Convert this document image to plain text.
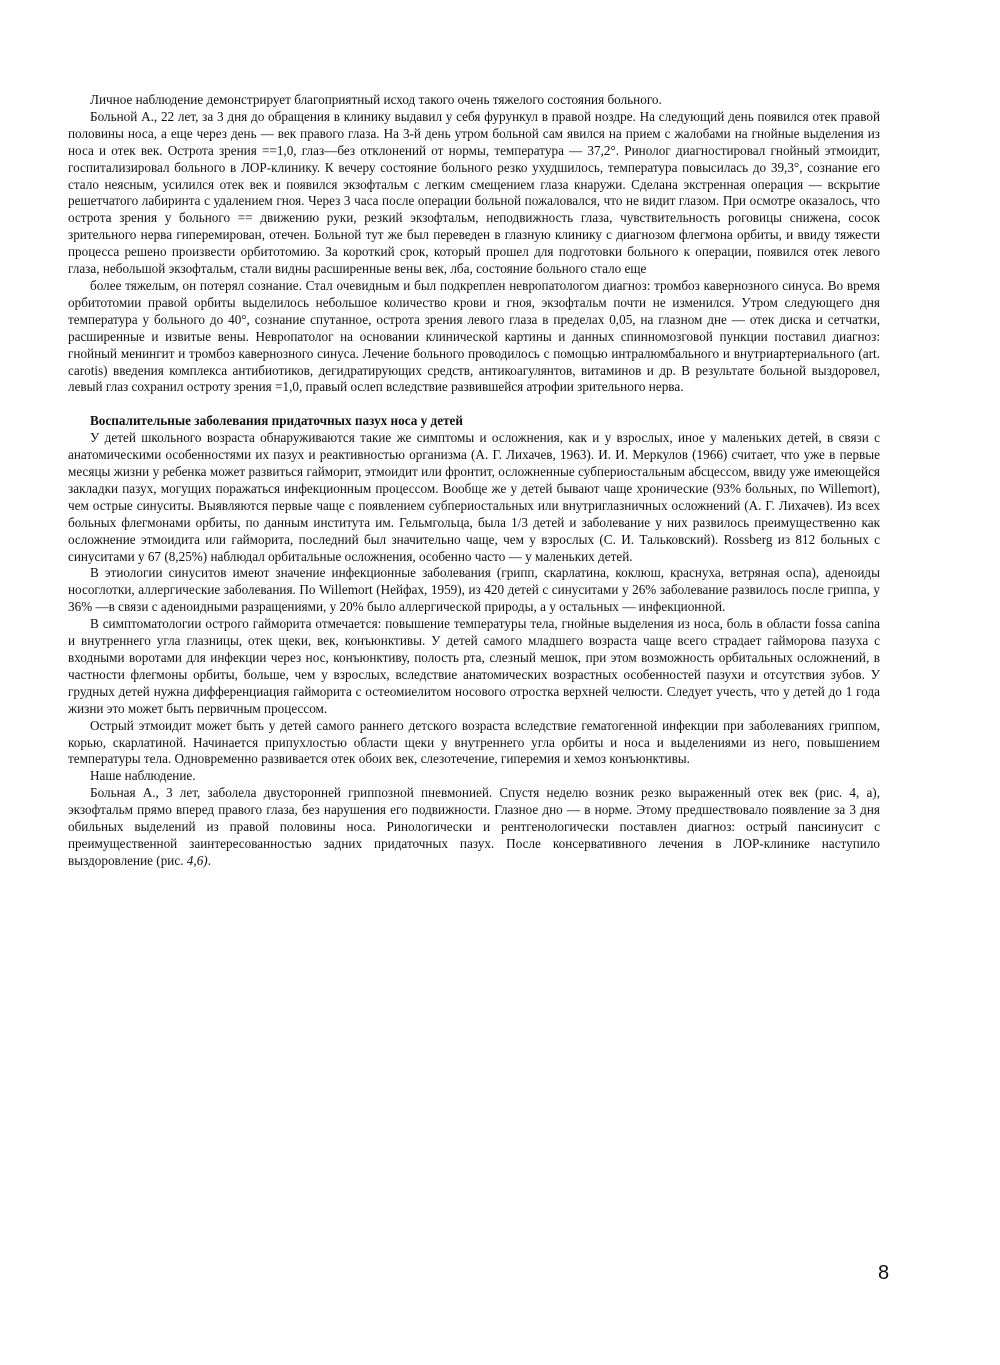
Личное наблюдение демонстрирует благоприятный исход такого очень тяжелого состояния больного.

Больной А., 22 лет, за 3 дня до обращения в клинику выдавил у себя фурункул в правой ноздре. На следующий день появился отек правой половины носа, а еще через день — век правого глаза. На 3-й день утром больной сам явился на прием с жалобами на гнойные выделения из носа и отек век. Острота зрения ==1,0, глаз—без отклонений от нормы, температура — 37,2°. Ринолог диагностировал гнойный этмоидит, госпитализировал больного в ЛОР-клинику. К вечеру состояние больного резко ухудшилось, температура повысилась до 39,3°, сознание его стало неясным, усилился отек век и появился экзофтальм с легким смещением глаза кнаружи. Сделана экстренная операция — вскрытие решетчатого лабиринта с удалением гноя. Через 3 часа после операции больной пожаловался, что не видит глазом. При осмотре оказалось, что острота зрения у больного == движению руки, резкий экзофтальм, неподвижность глаза, чувствительность роговицы снижена, сосок зрительного нерва гиперемирован, отечен. Больной тут же был переведен в глазную клинику с диагнозом флегмона орбиты, и ввиду тяжести процесса решено произвести орбитотомию. За короткий срок, который прошел для подготовки больного к операции, появился отек левого глаза, небольшой экзофтальм, стали видны расширенные вены век, лба, состояние больного стало еще

более тяжелым, он потерял сознание. Стал очевидным и был подкреплен невропатологом диагноз: тромбоз кавернозного синуса. Во время орбитотомии правой орбиты выделилось небольшое количество крови и гноя, экзофтальм почти не изменился. Утром следующего дня температура у больного до 40°, сознание спутанное, острота зрения левого глаза в пределах 0,05, на глазном дне — отек диска и сетчатки, расширенные и извитые вены. Невропатолог на основании клинической картины и данных спинномозговой пункции поставил диагноз: гнойный менингит и тромбоз кавернозного синуса. Лечение больного проводилось с помощью интралюмбального и внутриартериального (art. carotis) введения комплекса антибиотиков, дегидратирующих средств, антикоагулянтов, витаминов и др. В результате больной выздоровел, левый глаз сохранил остроту зрения =1,0, правый ослеп вследствие развившейся атрофии зрительного нерва.

Воспалительные заболевания придаточных пазух носа у детей

У детей школьного возраста обнаруживаются такие же симптомы и осложнения, как и у взрослых, иное у маленьких детей, в связи с анатомическими особенностями их пазух и реактивностью организма (А. Г. Лихачев, 1963). И. И. Меркулов (1966) считает, что уже в первые месяцы жизни у ребенка может развиться гайморит, этмоидит или фронтит, осложненные субпериостальным абсцессом, ввиду уже имеющейся закладки пазух, могущих поражаться инфекционным процессом. Вообще же у детей бывают чаще хронические (93% больных, по Willemort), чем острые синуситы. Выявляются первые чаще с появлением субпериостальных или внутриглазничных осложнений (А. Г. Лихачев). Из всех больных флегмонами орбиты, по данным института им. Гельмгольца, была 1/3 детей и заболевание у них развилось преимущественно как осложнение этмоидита или гайморита, последний был значительно чаще, чем у взрослых (С. И. Тальковский). Rossberg из 812 больных с синуситами у 67 (8,25%) наблюдал орбитальные осложнения, особенно часто — у маленьких детей.

В этиологии синуситов имеют значение инфекционные заболевания (грипп, скарлатина, коклюш, краснуха, ветряная оспа), аденоиды носоглотки, аллергические заболевания. По Willemort (Нейфах, 1959), из 420 детей с синуситами у 26% заболевание развилось после гриппа, у 36% —в связи с аденоидными разращениями, у 20% было аллергической природы, а у остальных — инфекционной.

В симптоматологии острого гайморита отмечается: повышение температуры тела, гнойные выделения из носа, боль в области fossa canina и внутреннего угла глазницы, отек щеки, век, конъюнктивы. У детей самого младшего возраста чаще всего страдает гайморова пазуха с входными воротами для инфекции через нос, конъюнктиву, полость рта, слезный мешок, при этом возможность орбитальных осложнений, в частности флегмоны орбиты, больше, чем у взрослых, вследствие анатомических возрастных особенностей пазухи и отсутствия зубов. У грудных детей нужна дифференциация гайморита с остеомиелитом носового отростка верхней челюсти. Следует учесть, что у детей до 1 года жизни это может быть первичным процессом.

Острый этмоидит может быть у детей самого раннего детского возраста вследствие гематогенной инфекции при заболеваниях гриппом, корью, скарлатиной. Начинается припухлостью области щеки у внутреннего угла орбиты и носа и выделениями из него, повышением температуры тела. Одновременно развивается отек обоих век, слезотечение, гиперемия и хемоз конъюнктивы.

Наше наблюдение.

Больная А., 3 лет, заболела двусторонней гриппозной пневмонией. Спустя неделю возник резко выраженный отек век (рис. 4, а), экзофтальм прямо вперед правого глаза, без нарушения его подвижности. Глазное дно — в норме. Этому предшествовало появление за 3 дня обильных выделений из правой половины носа. Ринологически и рентгенологически поставлен диагноз: острый пансинусит с преимущественной заинтересованностью задних придаточных пазух. После консервативного лечения в ЛОР-клинике наступило выздоровление (рис. 4,6).

8
